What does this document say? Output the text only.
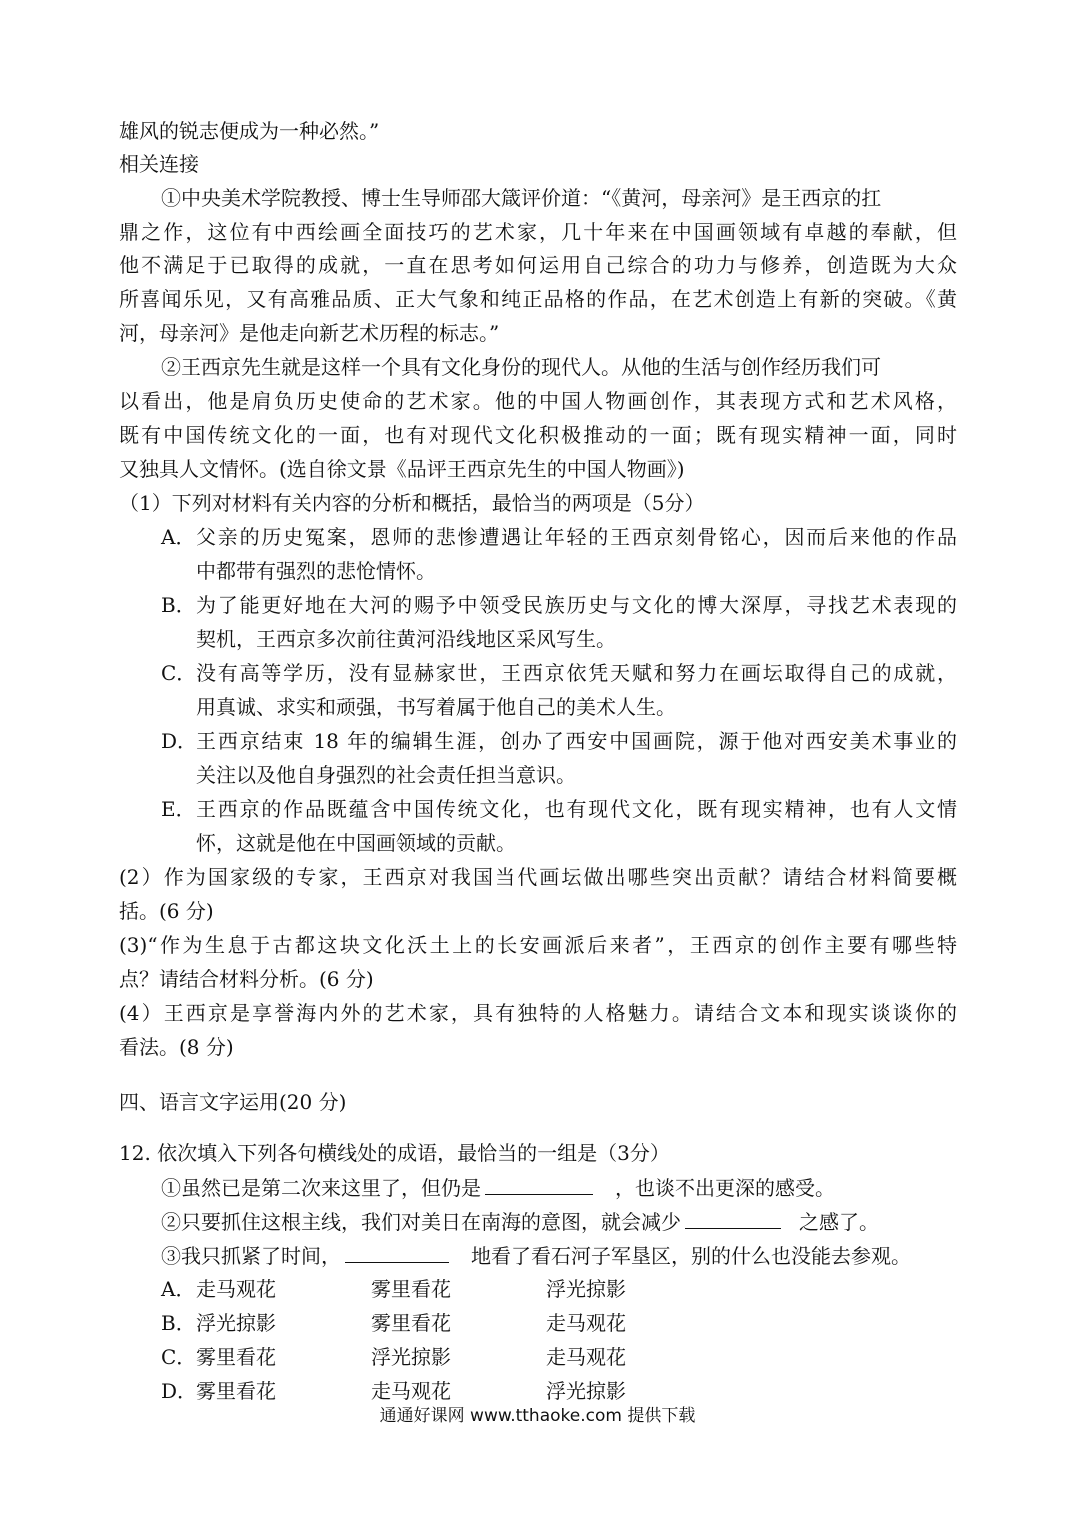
雄风的锐志便成为一种必然。”
相关连接
①中央美术学院教授、博士生导师邵大箴评价道：“《黄河，母亲河》是王西京的扛
鼎之作，这位有中西绘画全面技巧的艺术家，几十年来在中国画领域有卓越的奉献，但
他不满足于已取得的成就，一直在思考如何运用自己综合的功力与修养，创造既为大众
所喜闻乐见，又有高雅品质、正大气象和纯正品格的作品，在艺术创造上有新的突破。《黄
河，母亲河》是他走向新艺术历程的标志。”
②王西京先生就是这样一个具有文化身份的现代人。从他的生活与创作经历我们可
以看出，他是肩负历史使命的艺术家。他的中国人物画创作，其表现方式和艺术风格，
既有中国传统文化的一面，也有对现代文化积极推动的一面；既有现实精神一面，同时
又独具人文情怀。(选自徐文景《品评王西京先生的中国人物画》)
（1）下列对材料有关内容的分析和概括，最恰当的两项是（5分）
A． 父亲的历史冤案，恩师的悲惨遭遇让年轻的王西京刻骨铭心，因而后来他的作品
中都带有强烈的悲怆情怀。
B． 为了能更好地在大河的赐予中领受民族历史与文化的博大深厚，寻找艺术表现的
契机，王西京多次前往黄河沿线地区采风写生。
C． 没有高等学历，没有显赫家世，王西京依凭天赋和努力在画坛取得自己的成就，
用真诚、求实和顽强，书写着属于他自己的美术人生。
D．
王西京结束 18 年的编辑生涯，创办了西安中国画院，源于他对西安美术事业的
关注以及他自身强烈的社会责任担当意识。
E． 王西京的作品既蕴含中国传统文化，也有现代文化，既有现实精神，也有人文情
怀，这就是他在中国画领域的贡献。
(2）作为国家级的专家，王西京对我国当代画坛做出哪些突出贡献？请结合材料简要概
括。(6 分)
(3)“作为生息于古都这块文化沃土上的长安画派后来者”，王西京的创作主要有哪些特
点？请结合材料分析。(6 分)
(4）王西京是享誉海内外的艺术家，具有独特的人格魅力。请结合文本和现实谈谈你的
看法。(8 分)
四、语言文字运用(20 分)
12. 依次填入下列各句横线处的成语，最恰当的一组是（3分）
①虽然已是第二次来这里了，但仍是	，也谈不出更深的感受。
②只要抓住这根主线，我们对美日在南海的意图，就会减少	之感了。
③我只抓紧了时间，	地看了看石河子军垦区，别的什么也没能去参观。
A． 走马观花	雾里看花	浮光掠影
B． 浮光掠影	雾里看花	走马观花
C． 雾里看花	浮光掠影	走马观花
D．
雾里看花	走马观花	浮光掠影
通通好课网 www.tthaoke.com 提供下载
